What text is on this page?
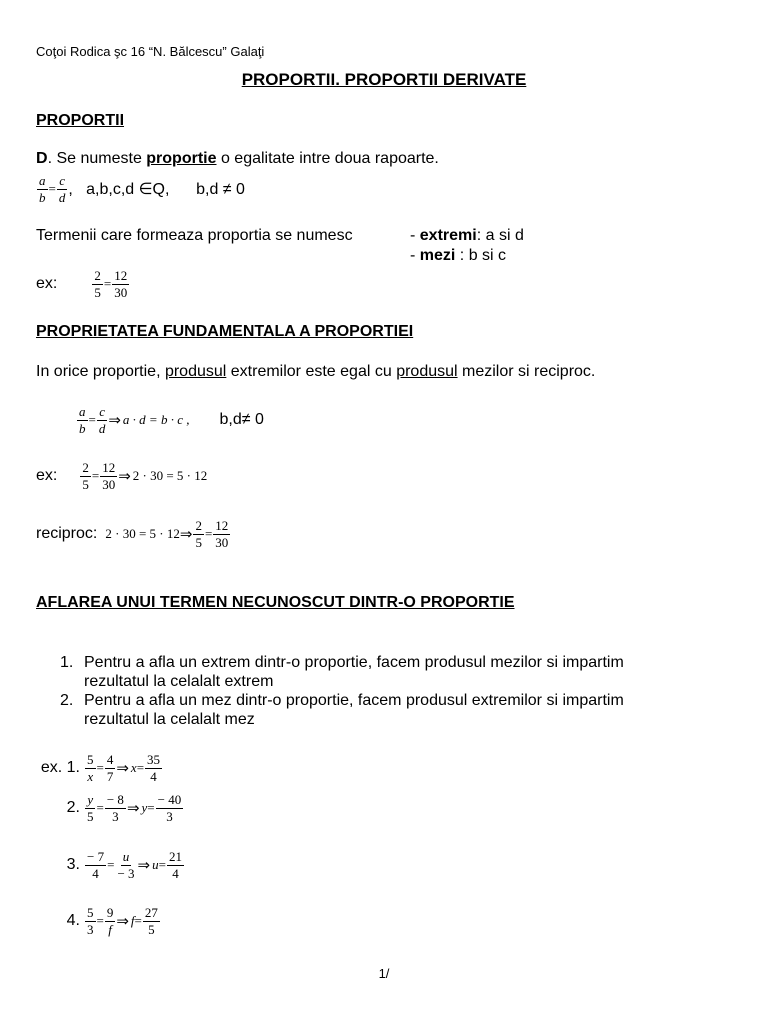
Coţoi Rodica şc 16 “N. Bălcescu” Galaţi
PROPORTII. PROPORTII DERIVATE
PROPORTII
D. Se numeste proportie o egalitate intre doua rapoarte.
$\frac{a}{b} = \frac{c}{d}$ ,   a,b,c,d ∈Q,      b,d ≠ 0
Termenii care formeaza proportia se numesc	- extremi: a si d
- mezi : b si c
ex:	$\frac{2}{5} = \frac{12}{30}$
PROPRIETATEA FUNDAMENTALA A PROPORTIEI
In orice proportie, produsul extremilor este egal cu produsul mezilor si reciproc.
$\frac{a}{b} = \frac{c}{d}$ ⇒ a · d = b · c , b,d≠ 0
ex: $\frac{2}{5} = \frac{12}{30}$ ⇒ 2 · 30 = 5 · 12
reciproc: 2 · 30 = 5 · 12 ⇒ $\frac{2}{5} = \frac{12}{30}$
AFLAREA UNUI TERMEN NECUNOSCUT DINTR-O PROPORTIE
1. Pentru a afla un extrem dintr-o proportie, facem produsul mezilor si impartim
rezultatul la celalalt extrem
2. Pentru a afla un mez dintr-o proportie, facem produsul extremilor si impartim
rezultatul la celalalt mez
ex. 1. $\frac{5}{x} = \frac{4}{7}$ ⇒ $x = \frac{35}{4}$
2. $\frac{y}{5} = \frac{- 8}{3}$ ⇒ $y = \frac{- 40}{3}$
3. $\frac{- 7}{4} = \frac{u}{- 3}$ ⇒ $u = \frac{21}{4}$
4. $\frac{5}{3} = \frac{9}{f}$ ⇒ $f = \frac{27}{5}$
1/
